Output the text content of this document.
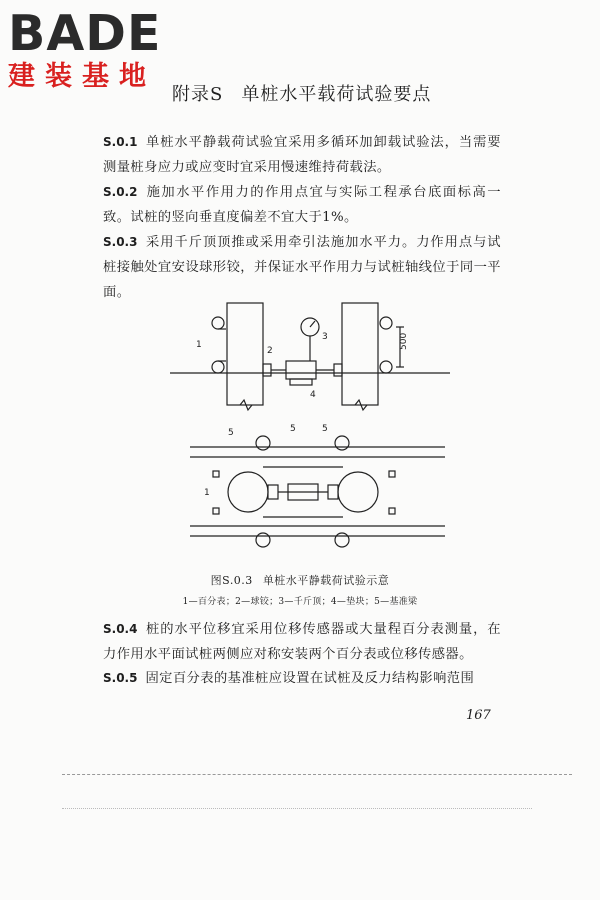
BADE
建装基地
附录S 单桩水平载荷试验要点
S.0.1 单桩水平静载荷试验宜采用多循环加卸载试验法，当需要测量桩身应力或应变时宜采用慢速维持荷载法。
S.0.2 施加水平作用力的作用点宜与实际工程承台底面标高一致。试桩的竖向垂直度偏差不宜大于1%。
S.0.3 采用千斤顶顶推或采用牵引法施加水平力。力作用点与试桩接触处宜安设球形铰，并保证水平作用力与试桩轴线位于同一平面。
500
1
2
3
4
5	5	5
1
图S.0.3 单桩水平静载荷试验示意
1—百分表；2—球铰；3—千斤顶；4—垫块；5—基准梁
S.0.4 桩的水平位移宜采用位移传感器或大量程百分表测量，在力作用水平面试桩两侧应对称安装两个百分表或位移传感器。
S.0.5 固定百分表的基准桩应设置在试桩及反力结构影响范围
167
